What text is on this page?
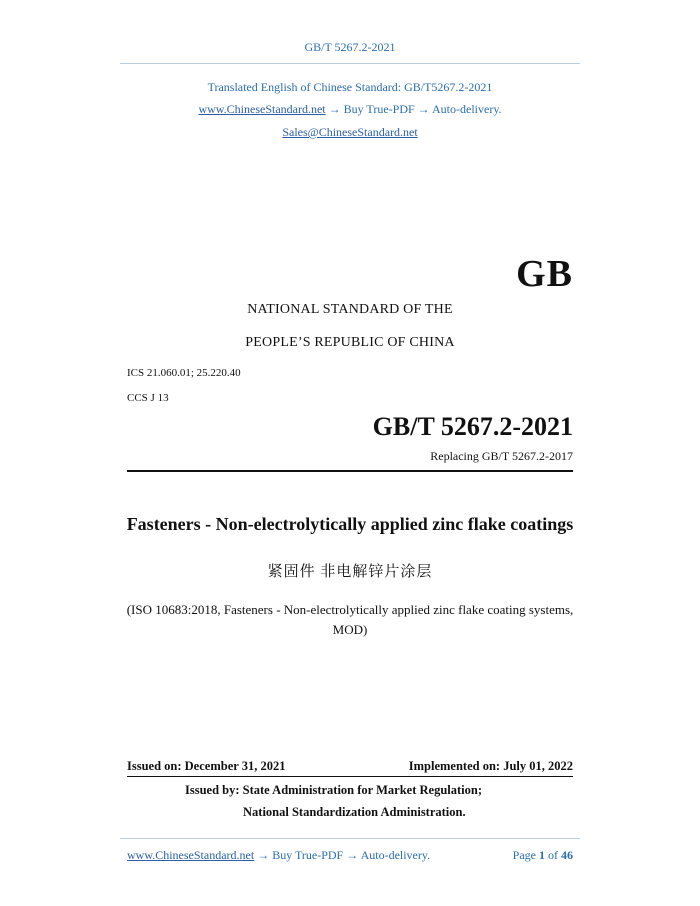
GB/T 5267.2-2021
Translated English of Chinese Standard: GB/T5267.2-2021
www.ChineseStandard.net → Buy True-PDF → Auto-delivery.
Sales@ChineseStandard.net
GB
NATIONAL STANDARD OF THE
PEOPLE’S REPUBLIC OF CHINA
ICS 21.060.01; 25.220.40
CCS J 13
GB/T 5267.2-2021
Replacing GB/T 5267.2-2017
Fasteners - Non-electrolytically applied zinc flake coatings
紧固件 非电解锌片涂层
(ISO 10683:2018, Fasteners - Non-electrolytically applied zinc flake coating systems, MOD)
Issued on: December 31, 2021	Implemented on: July 01, 2022
Issued by: State Administration for Market Regulation;
National Standardization Administration.
www.ChineseStandard.net → Buy True-PDF → Auto-delivery.	Page 1 of 46
